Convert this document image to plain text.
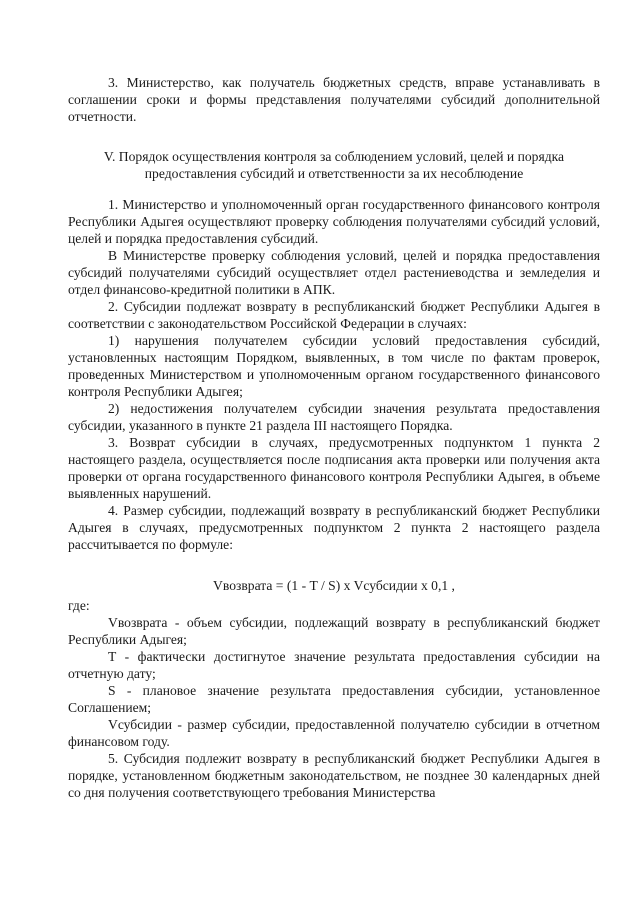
3. Министерство, как получатель бюджетных средств, вправе устанавливать в соглашении сроки и формы представления получателями субсидий дополнительной отчетности.

V. Порядок осуществления контроля за соблюдением условий, целей и порядка предоставления субсидий и ответственности за их несоблюдение

1. Министерство и уполномоченный орган государственного финансового контроля Республики Адыгея осуществляют проверку соблюдения получателями субсидий условий, целей и порядка предоставления субсидий.

В Министерстве проверку соблюдения условий, целей и порядка предоставления субсидий получателями субсидий осуществляет отдел растениеводства и земледелия и отдел финансово-кредитной политики в АПК.

2. Субсидии подлежат возврату в республиканский бюджет Республики Адыгея в соответствии с законодательством Российской Федерации в случаях:

1) нарушения получателем субсидии условий предоставления субсидий, установленных настоящим Порядком, выявленных, в том числе по фактам проверок, проведенных Министерством и уполномоченным органом государственного финансового контроля Республики Адыгея;

2) недостижения получателем субсидии значения результата предоставления субсидии, указанного в пункте 21 раздела III настоящего Порядка.

3. Возврат субсидии в случаях, предусмотренных подпунктом 1 пункта 2 настоящего раздела, осуществляется после подписания акта проверки или получения акта проверки от органа государственного финансового контроля Республики Адыгея, в объеме выявленных нарушений.

4. Размер субсидии, подлежащий возврату в республиканский бюджет Республики Адыгея в случаях, предусмотренных подпунктом 2 пункта 2 настоящего раздела рассчитывается по формуле:

Vвозврата = (1 - T / S) x Vсубсидии x 0,1 ,

где:

Vвозврата - объем субсидии, подлежащий возврату в республиканский бюджет Республики Адыгея;

T - фактически достигнутое значение результата предоставления субсидии на отчетную дату;

S - плановое значение результата предоставления субсидии, установленное Соглашением;

Vсубсидии - размер субсидии, предоставленной получателю субсидии в отчетном финансовом году.

5. Субсидия подлежит возврату в республиканский бюджет Республики Адыгея в порядке, установленном бюджетным законодательством, не позднее 30 календарных дней со дня получения соответствующего требования Министерства
